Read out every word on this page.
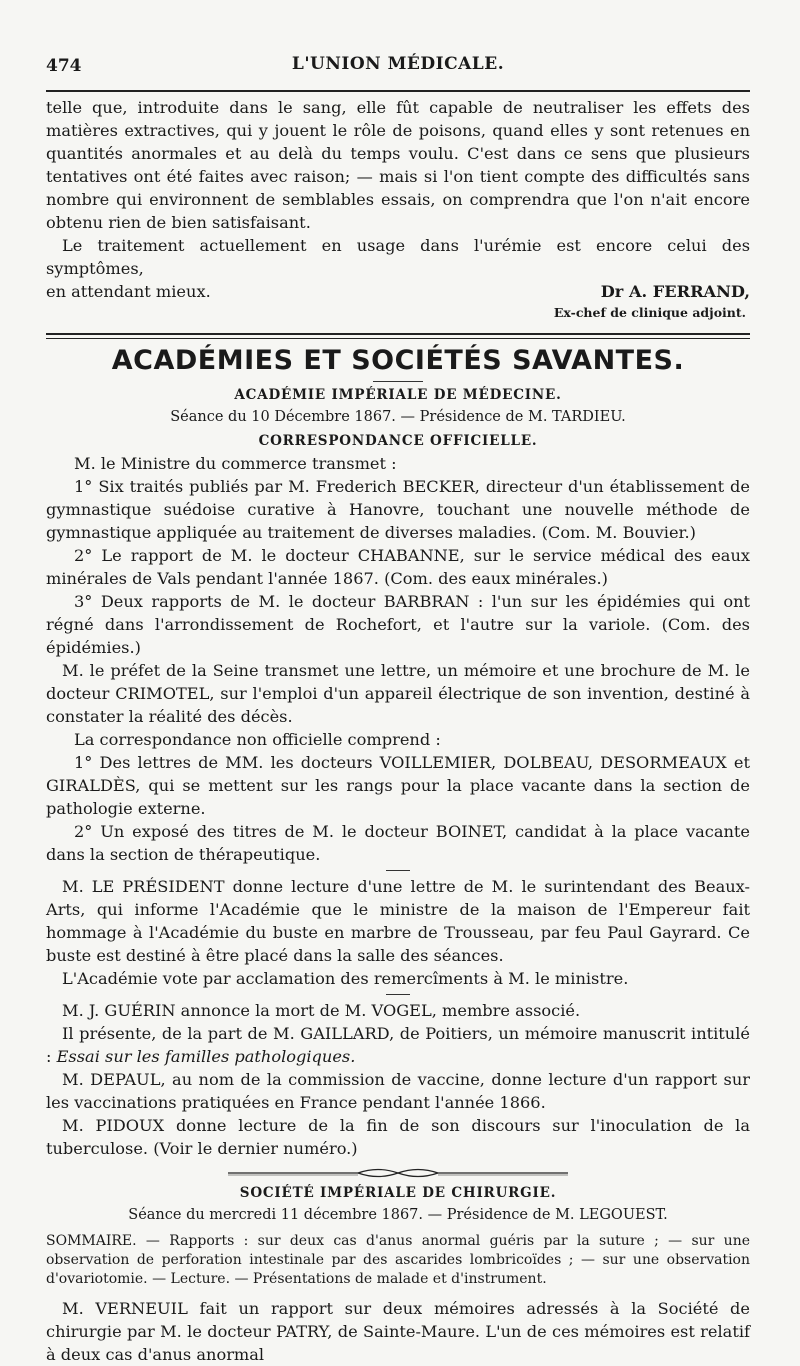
474	L'UNION MÉDICALE.

telle que, introduite dans le sang, elle fût capable de neutraliser les effets des matières extractives, qui y jouent le rôle de poisons, quand elles y sont retenues en quantités anormales et au delà du temps voulu. C'est dans ce sens que plusieurs tentatives ont été faites avec raison; — mais si l'on tient compte des difficultés sans nombre qui environnent de semblables essais, on comprendra que l'on n'ait encore obtenu rien de bien satisfaisant.

Le traitement actuellement en usage dans l'urémie est encore celui des symptômes,

en attendant mieux.	Dr A. FERRAND,
Ex-chef de clinique adjoint.
ACADÉMIES ET SOCIÉTÉS SAVANTES.
ACADÉMIE IMPÉRIALE DE MÉDECINE.
Séance du 10 Décembre 1867. — Présidence de M. TARDIEU.
CORRESPONDANCE OFFICIELLE.

M. le Ministre du commerce transmet :

1° Six traités publiés par M. Frederich BECKER, directeur d'un établissement de gymnastique suédoise curative à Hanovre, touchant une nouvelle méthode de gymnastique appliquée au traitement de diverses maladies. (Com. M. Bouvier.)

2° Le rapport de M. le docteur CHABANNE, sur le service médical des eaux minérales de Vals pendant l'année 1867. (Com. des eaux minérales.)

3° Deux rapports de M. le docteur BARBRAN : l'un sur les épidémies qui ont régné dans l'arrondissement de Rochefort, et l'autre sur la variole. (Com. des épidémies.)

M. le préfet de la Seine transmet une lettre, un mémoire et une brochure de M. le docteur CRIMOTEL, sur l'emploi d'un appareil électrique de son invention, destiné à constater la réalité des décès.

La correspondance non officielle comprend :

1° Des lettres de MM. les docteurs VOILLEMIER, DOLBEAU, DESORMEAUX et GIRALDÈS, qui se mettent sur les rangs pour la place vacante dans la section de pathologie externe.

2° Un exposé des titres de M. le docteur BOINET, candidat à la place vacante dans la section de thérapeutique.

M. LE PRÉSIDENT donne lecture d'une lettre de M. le surintendant des Beaux-Arts, qui informe l'Académie que le ministre de la maison de l'Empereur fait hommage à l'Académie du buste en marbre de Trousseau, par feu Paul Gayrard. Ce buste est destiné à être placé dans la salle des séances.

L'Académie vote par acclamation des remercîments à M. le ministre.

M. J. GUÉRIN annonce la mort de M. VOGEL, membre associé.

Il présente, de la part de M. GAILLARD, de Poitiers, un mémoire manuscrit intitulé : Essai sur les familles pathologiques.

M. DEPAUL, au nom de la commission de vaccine, donne lecture d'un rapport sur les vaccinations pratiquées en France pendant l'année 1866.

M. PIDOUX donne lecture de la fin de son discours sur l'inoculation de la tuberculose. (Voir le dernier numéro.)

SOCIÉTÉ IMPÉRIALE DE CHIRURGIE.
Séance du mercredi 11 décembre 1867. — Présidence de M. LEGOUEST.

SOMMAIRE. — Rapports : sur deux cas d'anus anormal guéris par la suture ; — sur une observation de perforation intestinale par des ascarides lombricoïdes ; — sur une observation d'ovariotomie. — Lecture. — Présentations de malade et d'instrument.

M. VERNEUIL fait un rapport sur deux mémoires adressés à la Société de chirurgie par M. le docteur PATRY, de Sainte-Maure. L'un de ces mémoires est relatif à deux cas d'anus anormal
